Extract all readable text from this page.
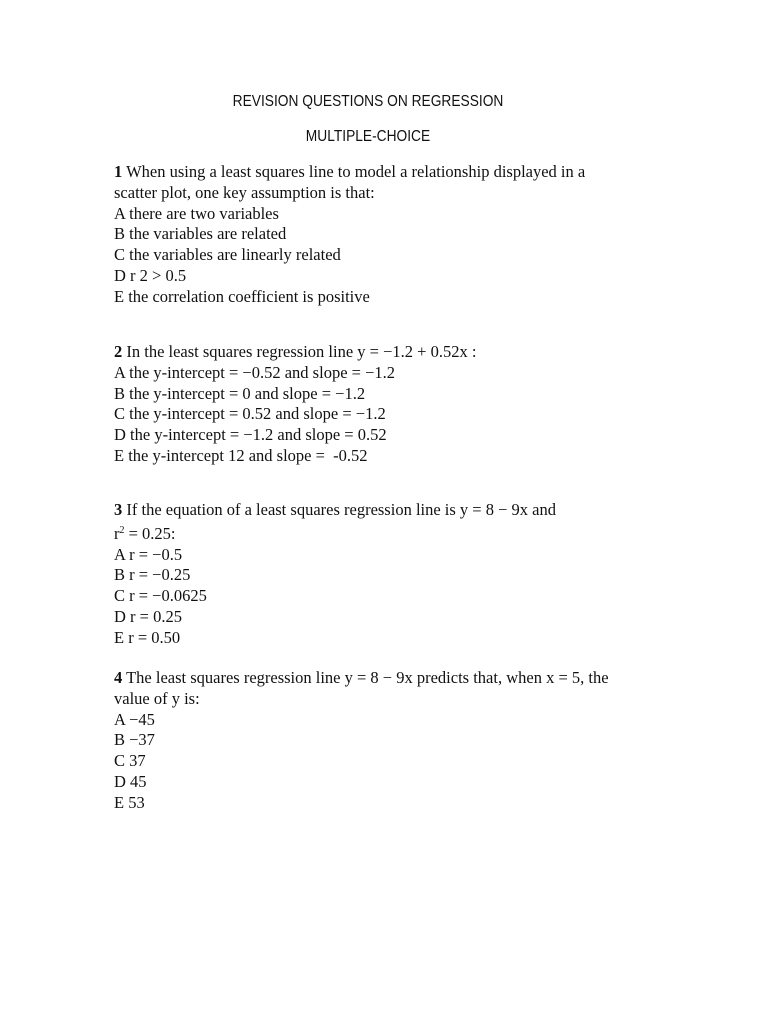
REVISION QUESTIONS ON REGRESSION
MULTIPLE-CHOICE
1 When using a least squares line to model a relationship displayed in a
scatter plot, one key assumption is that:
A there are two variables
B the variables are related
C the variables are linearly related
D r 2 > 0.5
E the correlation coefficient is positive
2 In the least squares regression line y = −1.2 + 0.52x :
A the y-intercept = −0.52 and slope = −1.2
B the y-intercept = 0 and slope = −1.2
C the y-intercept = 0.52 and slope = −1.2
D the y-intercept = −1.2 and slope = 0.52
E the y-intercept 12 and slope =  -0.52
3 If the equation of a least squares regression line is y = 8 − 9x and
$r^2 = 0.25$:
A r = −0.5
B r = −0.25
C r = −0.0625
D r = 0.25
E r = 0.50
4 The least squares regression line y = 8 − 9x predicts that, when x = 5, the
value of y is:
A −45
B −37
C 37
D 45
E 53
